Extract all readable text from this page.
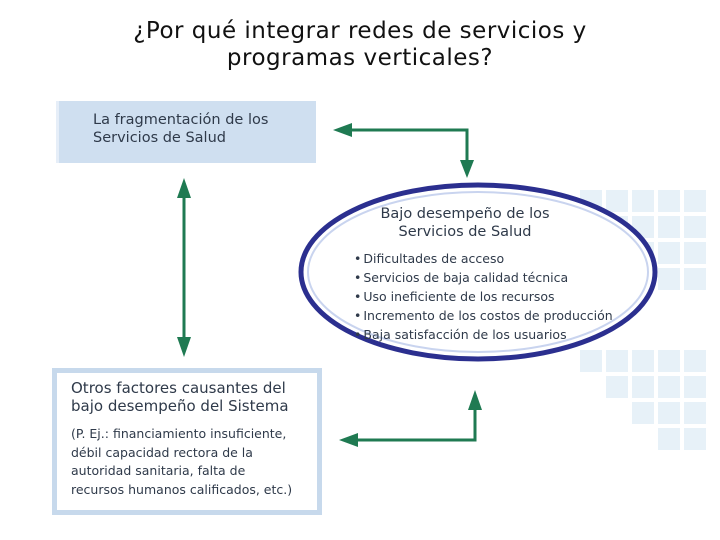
¿Por qué integrar redes de servicios y
programas verticales?
La fragmentación de los
Servicios de Salud
Bajo desempeño de los
Servicios de Salud
• Dificultades de acceso
• Servicios de baja calidad técnica
• Uso ineficiente de los recursos
• Incremento de los costos de producción
• Baja satisfacción de los usuarios
Otros factores causantes del
bajo desempeño del Sistema
(P. Ej.: financiamiento insuficiente,
débil capacidad rectora de la
autoridad sanitaria, falta de
recursos humanos calificados, etc.)
